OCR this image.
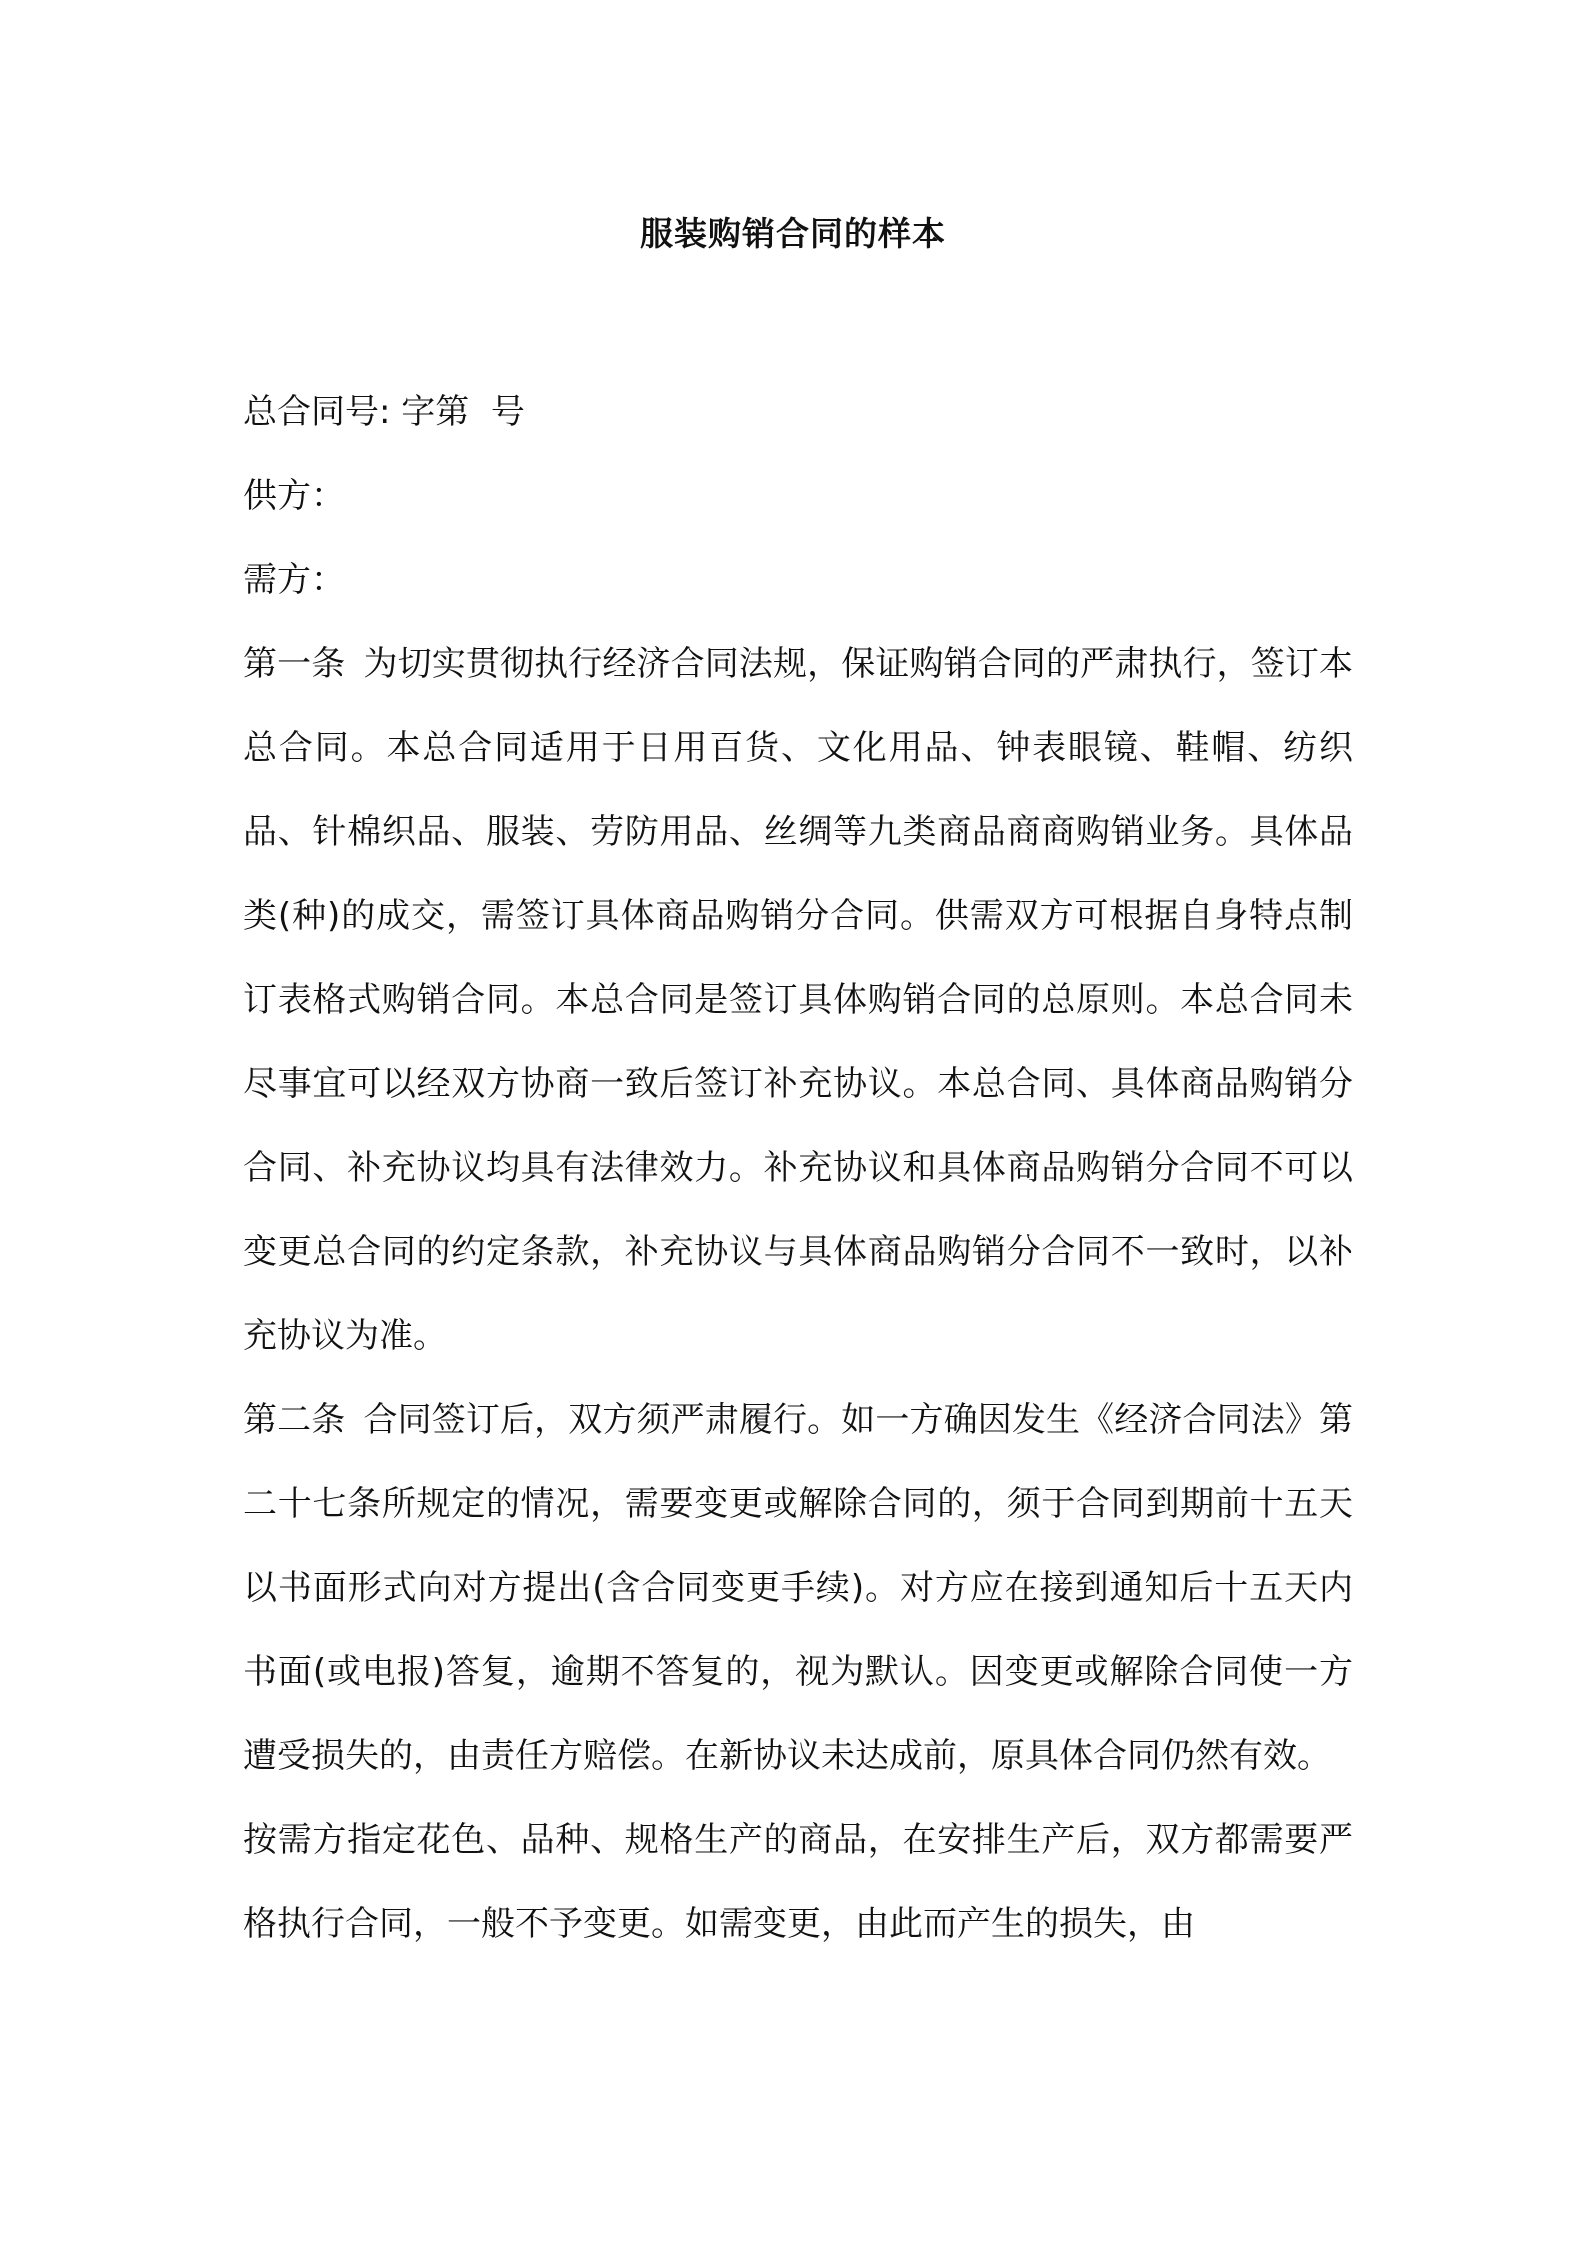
服装购销合同的样本

总合同号: 字第  号

供方：

需方：

第一条 为切实贯彻执行经济合同法规，保证购销合同的严肃执行，签订本总合同。本总合同适用于日用百货、文化用品、钟表眼镜、鞋帽、纺织品、针棉织品、服装、劳防用品、丝绸等九类商品商商购销业务。具体品类(种)的成交，需签订具体商品购销分合同。供需双方可根据自身特点制订表格式购销合同。本总合同是签订具体购销合同的总原则。本总合同未尽事宜可以经双方协商一致后签订补充协议。本总合同、具体商品购销分合同、补充协议均具有法律效力。补充协议和具体商品购销分合同不可以变更总合同的约定条款，补充协议与具体商品购销分合同不一致时，以补充协议为准。

第二条 合同签订后，双方须严肃履行。如一方确因发生《经济合同法》第二十七条所规定的情况，需要变更或解除合同的，须于合同到期前十五天以书面形式向对方提出(含合同变更手续)。对方应在接到通知后十五天内书面(或电报)答复，逾期不答复的，视为默认。因变更或解除合同使一方遭受损失的，由责任方赔偿。在新协议未达成前，原具体合同仍然有效。

按需方指定花色、品种、规格生产的商品，在安排生产后，双方都需要严格执行合同，一般不予变更。如需变更，由此而产生的损失，由
